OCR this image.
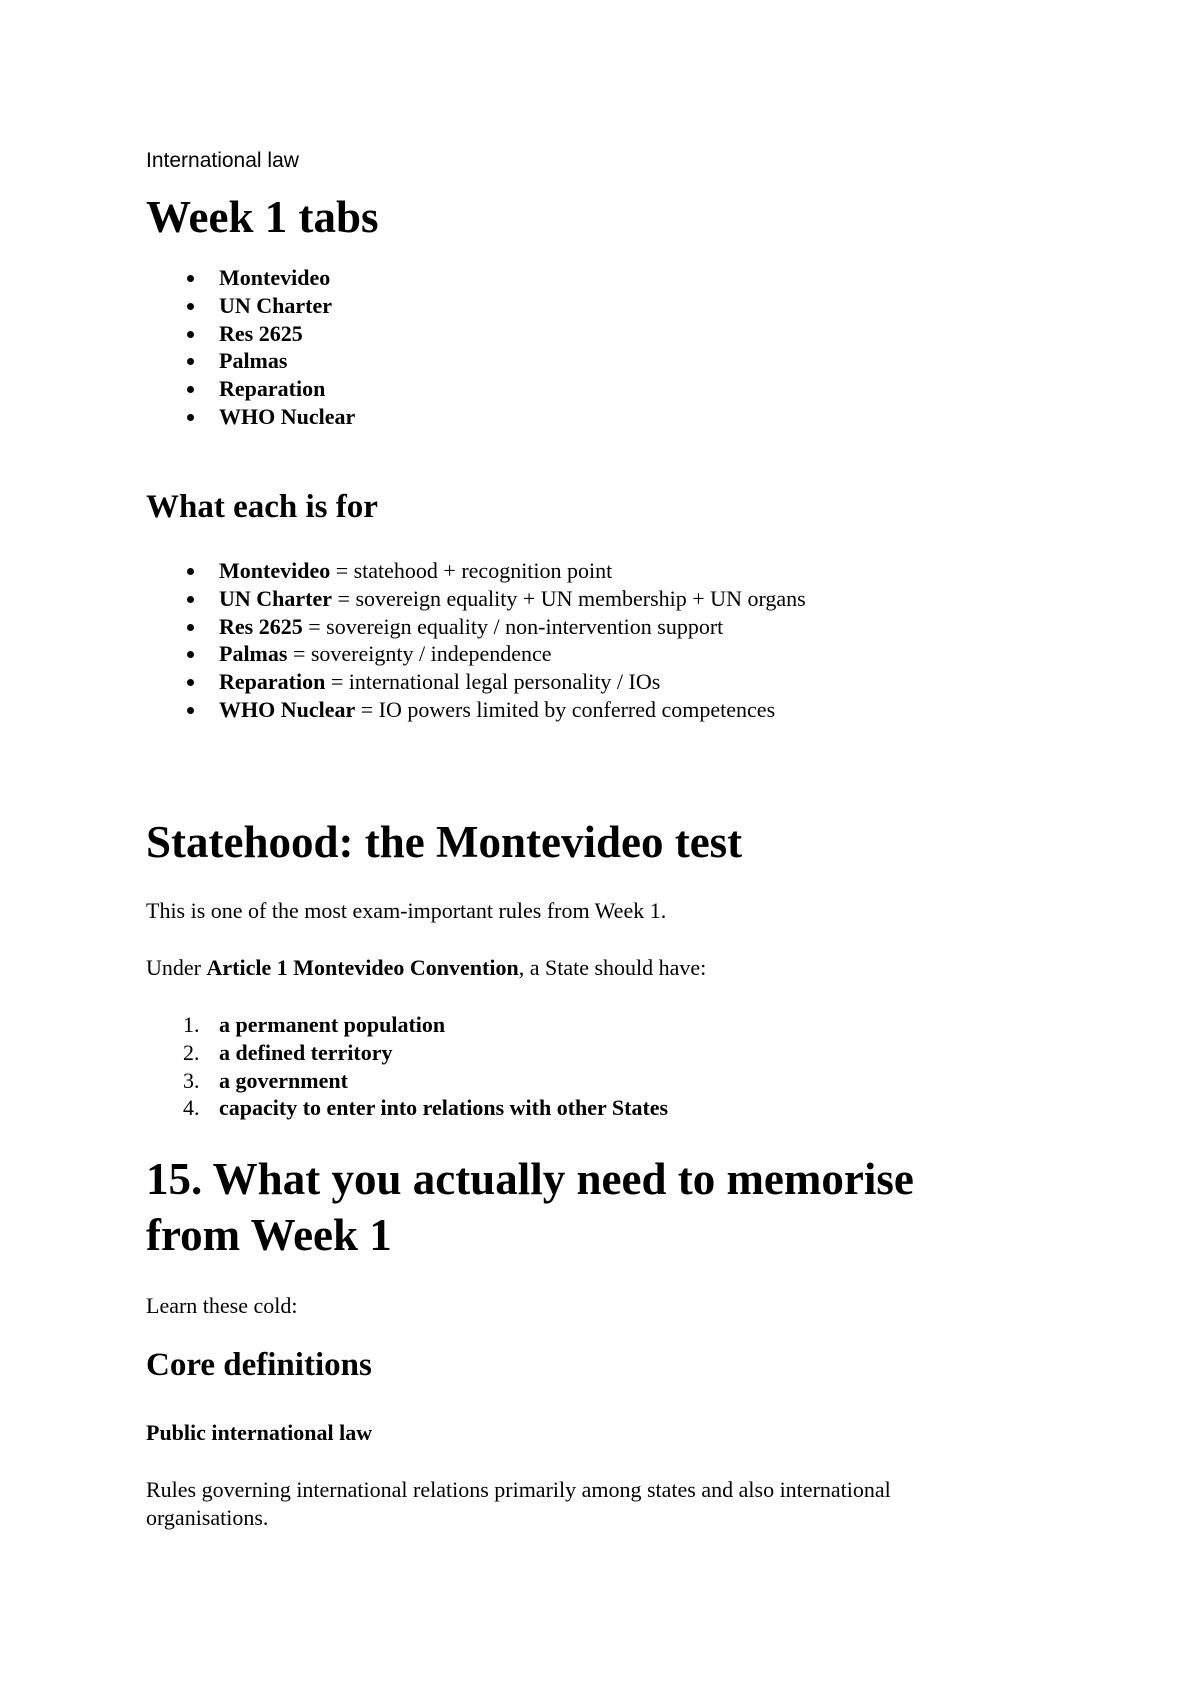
International law
Week 1 tabs
Montevideo
UN Charter
Res 2625
Palmas
Reparation
WHO Nuclear
What each is for
Montevideo = statehood + recognition point
UN Charter = sovereign equality + UN membership + UN organs
Res 2625 = sovereign equality / non-intervention support
Palmas = sovereignty / independence
Reparation = international legal personality / IOs
WHO Nuclear = IO powers limited by conferred competences
Statehood: the Montevideo test

This is one of the most exam-important rules from Week 1.

Under Article 1 Montevideo Convention, a State should have:

1. a permanent population
2. a defined territory
3. a government
4. capacity to enter into relations with other States
15. What you actually need to memorise
from Week 1

Learn these cold:

Core definitions
Public international law

Rules governing international relations primarily among states and also international
organisations.
